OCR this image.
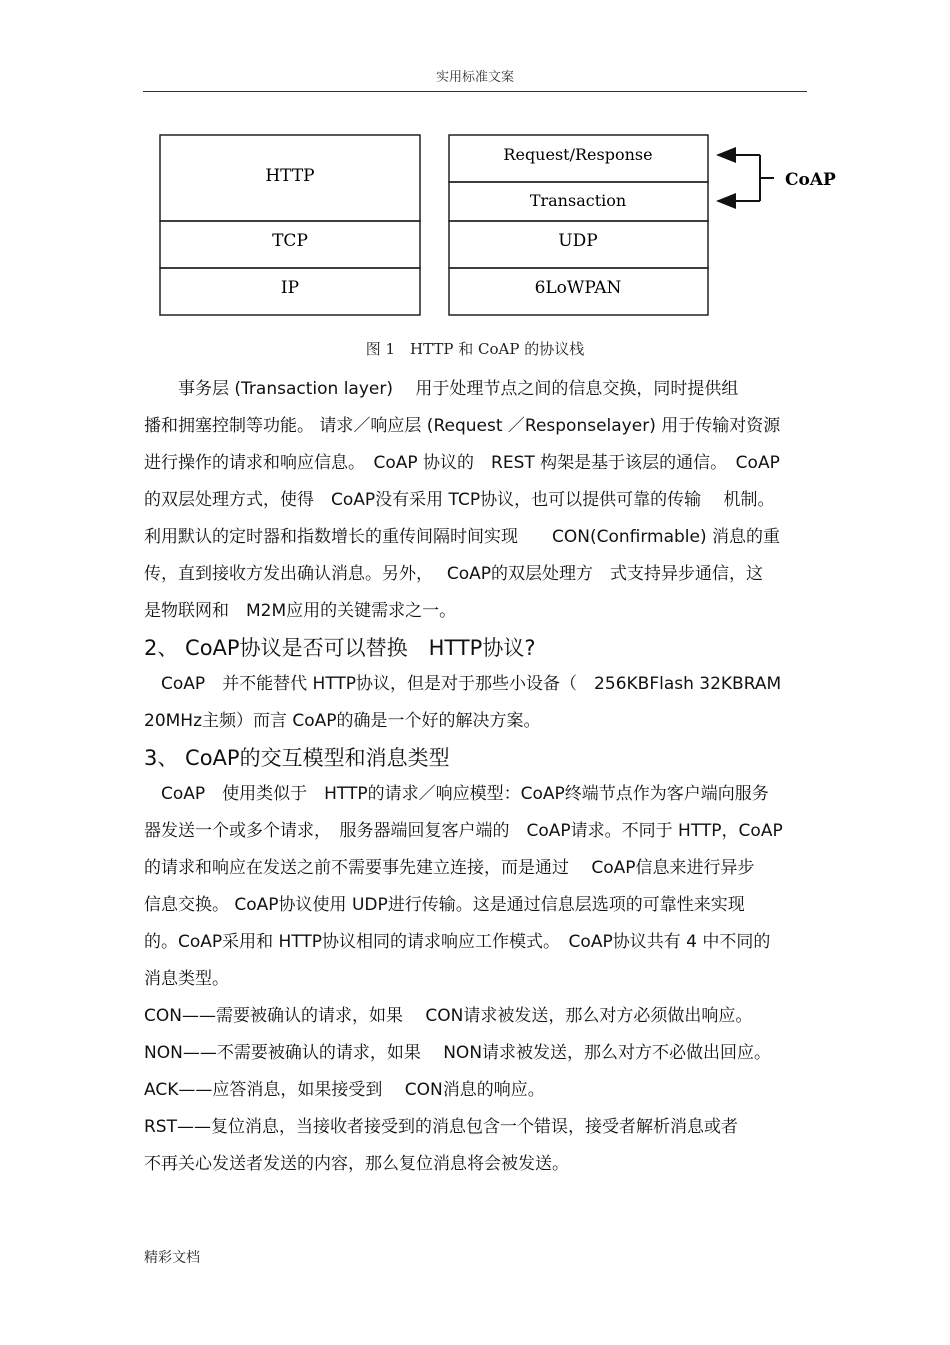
实用标准文案
HTTP
TCP
IP
Request/Response
Transaction
UDP
6LoWPAN
CoAP
图 1　HTTP 和 CoAP 的协议栈
　　事务层 (Transaction layer)　 用于处理节点之间的信息交换，同时提供组
播和拥塞控制等功能。 请求／响应层 (Request ／Responselayer) 用于传输对资源
进行操作的请求和响应信息。　CoAP 协议的　REST 构架是基于该层的通信。　CoAP
的双层处理方式，使得　CoAP没有采用 TCP协议，也可以提供可靠的传输　 机制。
利用默认的定时器和指数增长的重传间隔时间实现　　CON(Confirmable) 消息的重
传，直到接收方发出确认消息。另外，　 CoAP的双层处理方　式支持异步通信，这
是物联网和　M2M应用的关键需求之一。
2、 CoAP协议是否可以替换　HTTP协议?
　CoAP　并不能替代 HTTP协议，但是对于那些小设备（　256KBFlash 32KBRAM
20MHz主频）而言 CoAP的确是一个好的解决方案。
3、 CoAP的交互模型和消息类型
　CoAP　使用类似于　HTTP的请求／响应模型：CoAP终端节点作为客户端向服务
器发送一个或多个请求，　服务器端回复客户端的　CoAP请求。不同于 HTTP，CoAP
的请求和响应在发送之前不需要事先建立连接，而是通过　 CoAP信息来进行异步
信息交换。 CoAP协议使用 UDP进行传输。这是通过信息层选项的可靠性来实现
的。CoAP采用和 HTTP协议相同的请求响应工作模式。　CoAP协议共有 4 中不同的
消息类型。
CON——需要被确认的请求，如果　 CON请求被发送，那么对方必须做出响应。
NON——不需要被确认的请求，如果　 NON请求被发送，那么对方不必做出回应。
ACK——应答消息，如果接受到　 CON消息的响应。
RST——复位消息，当接收者接受到的消息包含一个错误，接受者解析消息或者
不再关心发送者发送的内容，那么复位消息将会被发送。
精彩文档
